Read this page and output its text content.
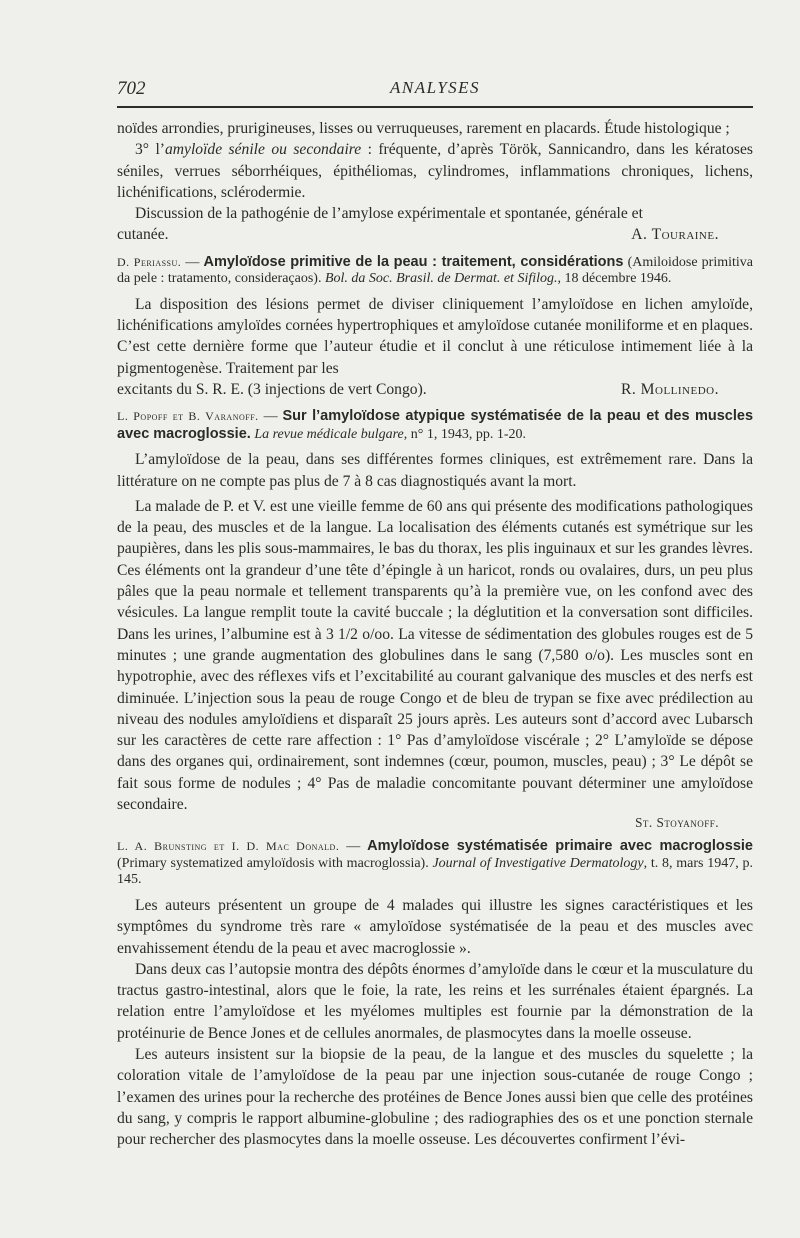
702	ANALYSES

noïdes arrondies, prurigineuses, lisses ou verruqueuses, rarement en placards. Étude histologique ;

3° l’amyloïde sénile ou secondaire : fréquente, d’après Török, Sannicandro, dans les kératoses séniles, verrues séborrhéiques, épithéliomas, cylindromes, inflammations chroniques, lichens, lichénifications, sclérodermie.

Discussion de la pathogénie de l’amylose expérimentale et spontanée, générale et

cutanée.	A. Touraine.
D. Periassu. — Amyloïdose primitive de la peau : traitement, considérations (Amiloidose primitiva da pele : tratamento, consideraçaos). Bol. da Soc. Brasil. de Dermat. et Sifilog., 18 décembre 1946.

La disposition des lésions permet de diviser cliniquement l’amyloïdose en lichen amyloïde, lichénifications amyloïdes cornées hypertrophiques et amyloïdose cutanée moniliforme et en plaques. C’est cette dernière forme que l’auteur étudie et il conclut à une réticulose intimement liée à la pigmentogenèse. Traitement par les

excitants du S. R. E. (3 injections de vert Congo).	R. Mollinedo.
L. Popoff et B. Varanoff. — Sur l’amyloïdose atypique systématisée de la peau et des muscles avec macroglossie. La revue médicale bulgare, n° 1, 1943, pp. 1-20.

L’amyloïdose de la peau, dans ses différentes formes cliniques, est extrêmement rare. Dans la littérature on ne compte pas plus de 7 à 8 cas diagnostiqués avant la mort.

La malade de P. et V. est une vieille femme de 60 ans qui présente des modifications pathologiques de la peau, des muscles et de la langue. La localisation des éléments cutanés est symétrique sur les paupières, dans les plis sous-mammaires, le bas du thorax, les plis inguinaux et sur les grandes lèvres. Ces éléments ont la grandeur d’une tête d’épingle à un haricot, ronds ou ovalaires, durs, un peu plus pâles que la peau normale et tellement transparents qu’à la première vue, on les confond avec des vésicules. La langue remplit toute la cavité buccale ; la déglutition et la conversation sont difficiles. Dans les urines, l’albumine est à 3 1/2 o/oo. La vitesse de sédimentation des globules rouges est de 5 minutes ; une grande augmentation des globulines dans le sang (7,580 o/o). Les muscles sont en hypotrophie, avec des réflexes vifs et l’excitabilité au courant galvanique des muscles et des nerfs est diminuée. L’injection sous la peau de rouge Congo et de bleu de trypan se fixe avec prédilection au niveau des nodules amyloïdiens et disparaît 25 jours après. Les auteurs sont d’accord avec Lubarsch sur les caractères de cette rare affection : 1° Pas d’amyloïdose viscérale ; 2° L’amyloïde se dépose dans des organes qui, ordinairement, sont indemnes (cœur, poumon, muscles, peau) ; 3° Le dépôt se fait sous forme de nodules ; 4° Pas de maladie concomitante pouvant déterminer une amyloïdose secondaire.

St. Stoyanoff.
L. A. Brunsting et I. D. Mac Donald. — Amyloïdose systématisée primaire avec macroglossie (Primary systematized amyloïdosis with macroglossia). Journal of Investigative Dermatology, t. 8, mars 1947, p. 145.

Les auteurs présentent un groupe de 4 malades qui illustre les signes caractéristiques et les symptômes du syndrome très rare « amyloïdose systématisée de la peau et des muscles avec envahissement étendu de la peau et avec macroglossie ».

Dans deux cas l’autopsie montra des dépôts énormes d’amyloïde dans le cœur et la musculature du tractus gastro-intestinal, alors que le foie, la rate, les reins et les surrénales étaient épargnés. La relation entre l’amyloïdose et les myélomes multiples est fournie par la démonstration de la protéinurie de Bence Jones et de cellules anormales, de plasmocytes dans la moelle osseuse.

Les auteurs insistent sur la biopsie de la peau, de la langue et des muscles du squelette ; la coloration vitale de l’amyloïdose de la peau par une injection sous-cutanée de rouge Congo ; l’examen des urines pour la recherche des protéines de Bence Jones aussi bien que celle des protéines du sang, y compris le rapport albumine-globuline ; des radiographies des os et une ponction sternale pour rechercher des plasmocytes dans la moelle osseuse. Les découvertes confirment l’évi-
